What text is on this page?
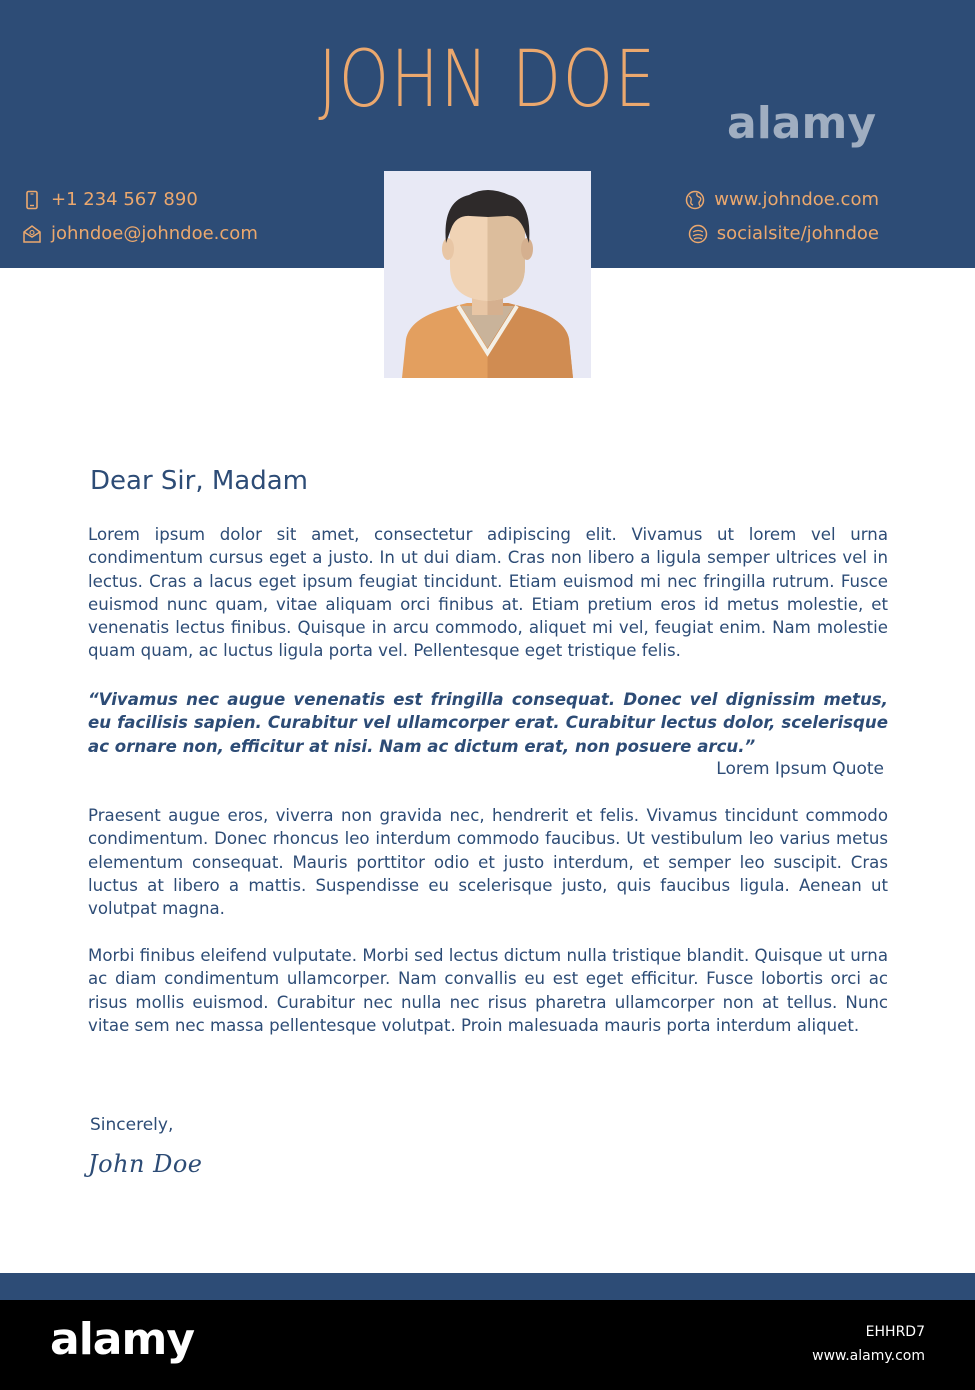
JOHN DOE
+1 234 567 890
johndoe@johndoe.com
www.johndoe.com
socialsite/johndoe
Dear Sir, Madam

Lorem ipsum dolor sit amet, consectetur adipiscing elit. Vivamus ut lorem vel urna condimentum cursus eget a justo. In ut dui diam. Cras non libero a ligula semper ultrices vel in lectus. Cras a lacus eget ipsum feugiat tincidunt. Etiam euismod mi nec fringilla rutrum. Fusce euismod nunc quam, vitae aliquam orci finibus at. Etiam pretium eros id metus molestie, et venenatis lectus finibus. Quisque in arcu commodo, aliquet mi vel, feugiat enim. Nam molestie quam quam, ac luctus ligula porta vel. Pellentesque eget tristique felis.

“Vivamus nec augue venenatis est fringilla consequat. Donec vel dignissim metus, eu facilisis sapien. Curabitur vel ullamcorper erat. Curabitur lectus dolor, scelerisque ac ornare non, efficitur at nisi. Nam ac dictum erat, non posuere arcu.”

Lorem Ipsum Quote

Praesent augue eros, viverra non gravida nec, hendrerit et felis. Vivamus tincidunt commodo condimentum. Donec rhoncus leo interdum commodo faucibus. Ut vestibulum leo varius metus elementum consequat. Mauris porttitor odio et justo interdum, et semper leo suscipit. Cras luctus at libero a mattis. Suspendisse eu scelerisque justo, quis faucibus ligula. Aenean ut volutpat magna.

Morbi finibus eleifend vulputate. Morbi sed lectus dictum nulla tristique blandit. Quisque ut urna ac diam condimentum ullamcorper. Nam convallis eu est eget efficitur. Fusce lobortis orci ac risus mollis euismod. Curabitur nec nulla nec risus pharetra ullamcorper non at tellus. Nunc vitae sem nec massa pellentesque volutpat. Proin malesuada mauris porta interdum aliquet.

Sincerely,
John Doe
alamy
alamy	EHHRD7
www.alamy.com
